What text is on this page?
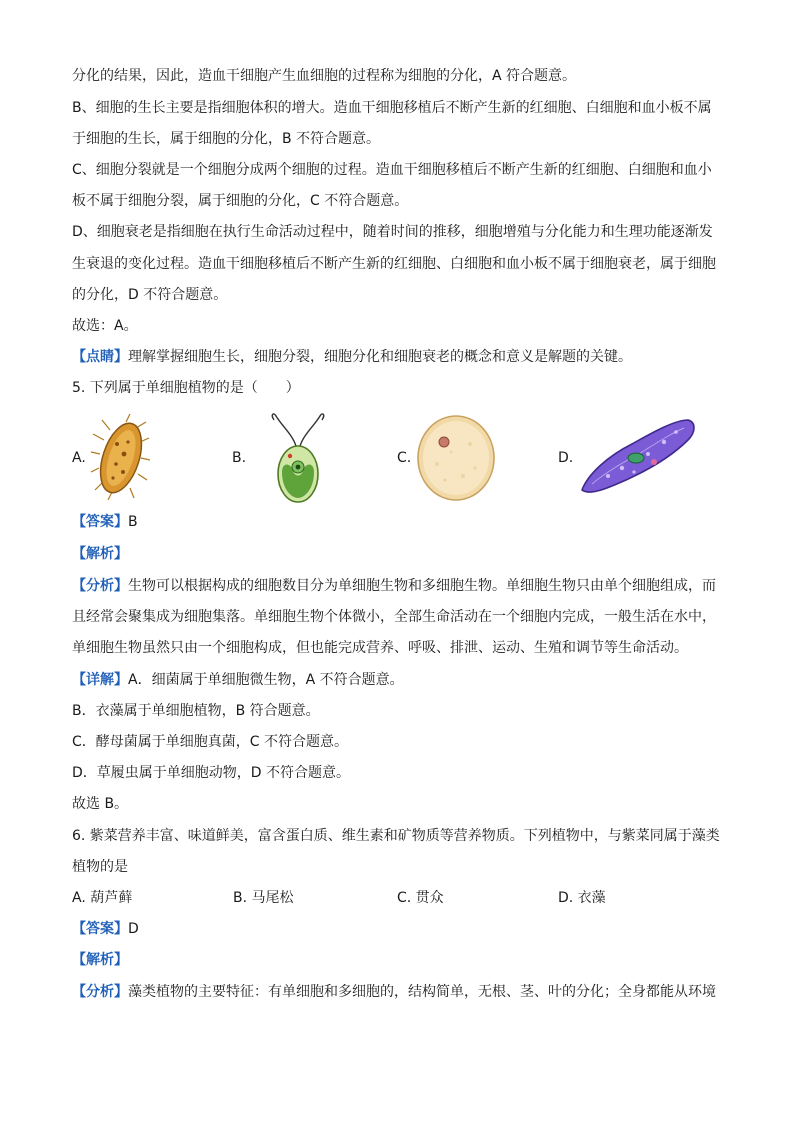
分化的结果，因此，造血干细胞产生血细胞的过程称为细胞的分化，A 符合题意。
B、细胞的生长主要是指细胞体积的增大。造血干细胞移植后不断产生新的红细胞、白细胞和血小板不属
于细胞的生长，属于细胞的分化，B 不符合题意。
C、细胞分裂就是一个细胞分成两个细胞的过程。造血干细胞移植后不断产生新的红细胞、白细胞和血小
板不属于细胞分裂，属于细胞的分化，C 不符合题意。
D、细胞衰老是指细胞在执行生命活动过程中，随着时间的推移，细胞增殖与分化能力和生理功能逐渐发
生衰退的变化过程。造血干细胞移植后不断产生新的红细胞、白细胞和血小板不属于细胞衰老，属于细胞
的分化，D 不符合题意。
故选：A。
【点睛】理解掌握细胞生长，细胞分裂，细胞分化和细胞衰老的概念和意义是解题的关键。
5. 下列属于单细胞植物的是（　　）
A.	B.	C.	D.
【答案】B
【解析】
【分析】生物可以根据构成的细胞数目分为单细胞生物和多细胞生物。单细胞生物只由单个细胞组成，而
且经常会聚集成为细胞集落。单细胞生物个体微小，全部生命活动在一个细胞内完成，一般生活在水中，
单细胞生物虽然只由一个细胞构成，但也能完成营养、呼吸、排泄、运动、生殖和调节等生命活动。
【详解】A．细菌属于单细胞微生物，A 不符合题意。
B．衣藻属于单细胞植物，B 符合题意。
C．酵母菌属于单细胞真菌，C 不符合题意。
D．草履虫属于单细胞动物，D 不符合题意。
故选 B。
6. 紫菜营养丰富、味道鲜美，富含蛋白质、维生素和矿物质等营养物质。下列植物中，与紫菜同属于藻类
植物的是
A. 葫芦藓	B. 马尾松	C. 贯众	D. 衣藻
【答案】D
【解析】
【分析】藻类植物的主要特征：有单细胞和多细胞的，结构简单，无根、茎、叶的分化；全身都能从环境
